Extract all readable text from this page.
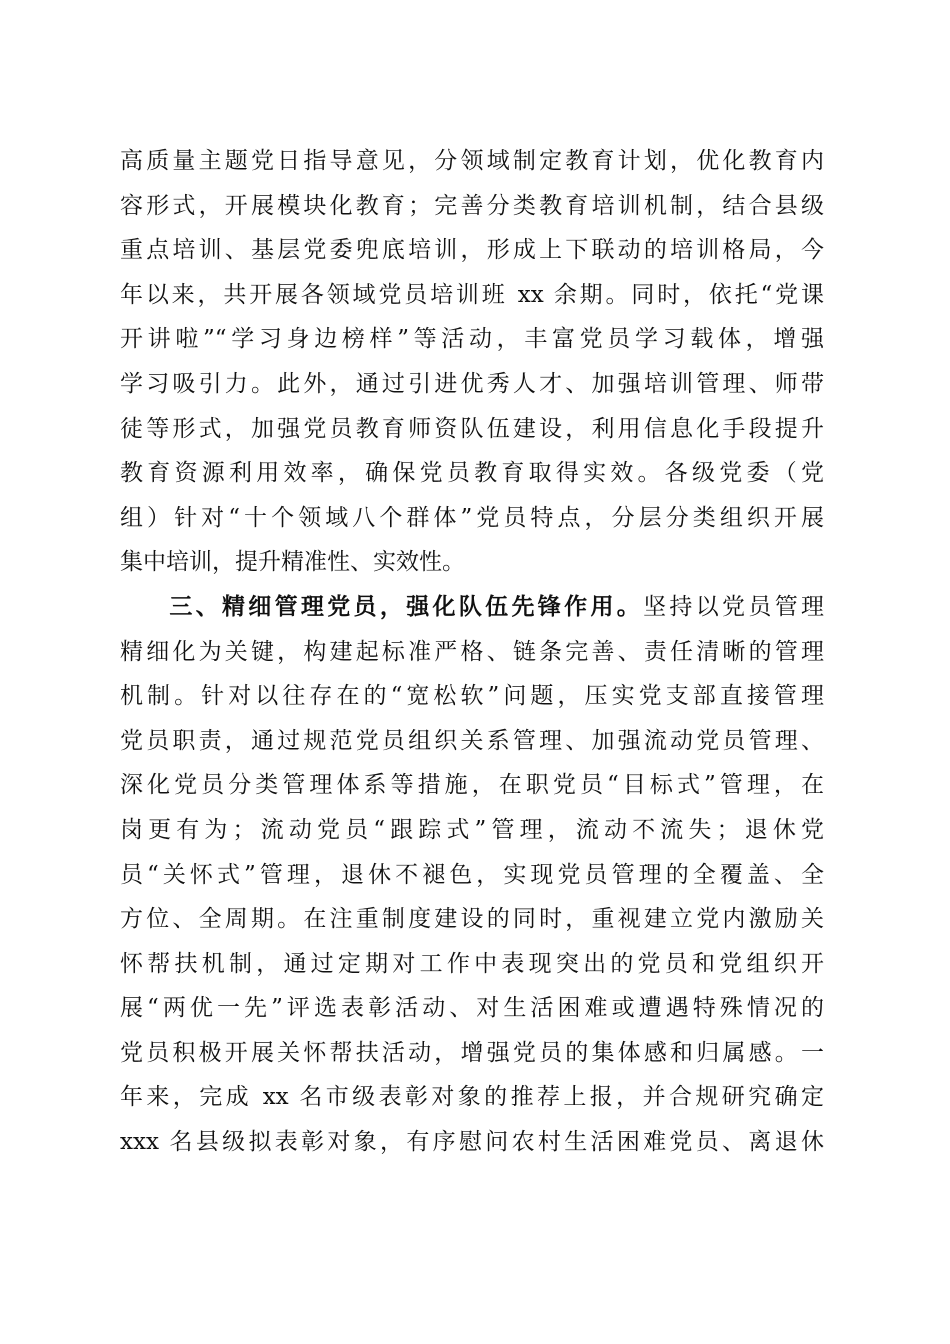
高质量主题党日指导意见，分领域制定教育计划，优化教育内
容形式，开展模块化教育；完善分类教育培训机制，结合县级
重点培训、基层党委兜底培训，形成上下联动的培训格局，今
年以来，共开展各领域党员培训班 xx 余期。同时，依托“党课
开讲啦”“学习身边榜样”等活动，丰富党员学习载体，增强
学习吸引力。此外，通过引进优秀人才、加强培训管理、师带
徒等形式，加强党员教育师资队伍建设，利用信息化手段提升
教育资源利用效率，确保党员教育取得实效。各级党委（党
组）针对“十个领域八个群体”党员特点，分层分类组织开展
集中培训，提升精准性、实效性。
三、精细管理党员，强化队伍先锋作用。坚持以党员管理
精细化为关键，构建起标准严格、链条完善、责任清晰的管理
机制。针对以往存在的“宽松软”问题，压实党支部直接管理
党员职责，通过规范党员组织关系管理、加强流动党员管理、
深化党员分类管理体系等措施，在职党员“目标式”管理，在
岗更有为；流动党员“跟踪式”管理，流动不流失；退休党
员“关怀式”管理，退休不褪色，实现党员管理的全覆盖、全
方位、全周期。在注重制度建设的同时，重视建立党内激励关
怀帮扶机制，通过定期对工作中表现突出的党员和党组织开
展“两优一先”评选表彰活动、对生活困难或遭遇特殊情况的
党员积极开展关怀帮扶活动，增强党员的集体感和归属感。一
年来，完成 xx 名市级表彰对象的推荐上报，并合规研究确定
xxx 名县级拟表彰对象，有序慰问农村生活困难党员、离退休
